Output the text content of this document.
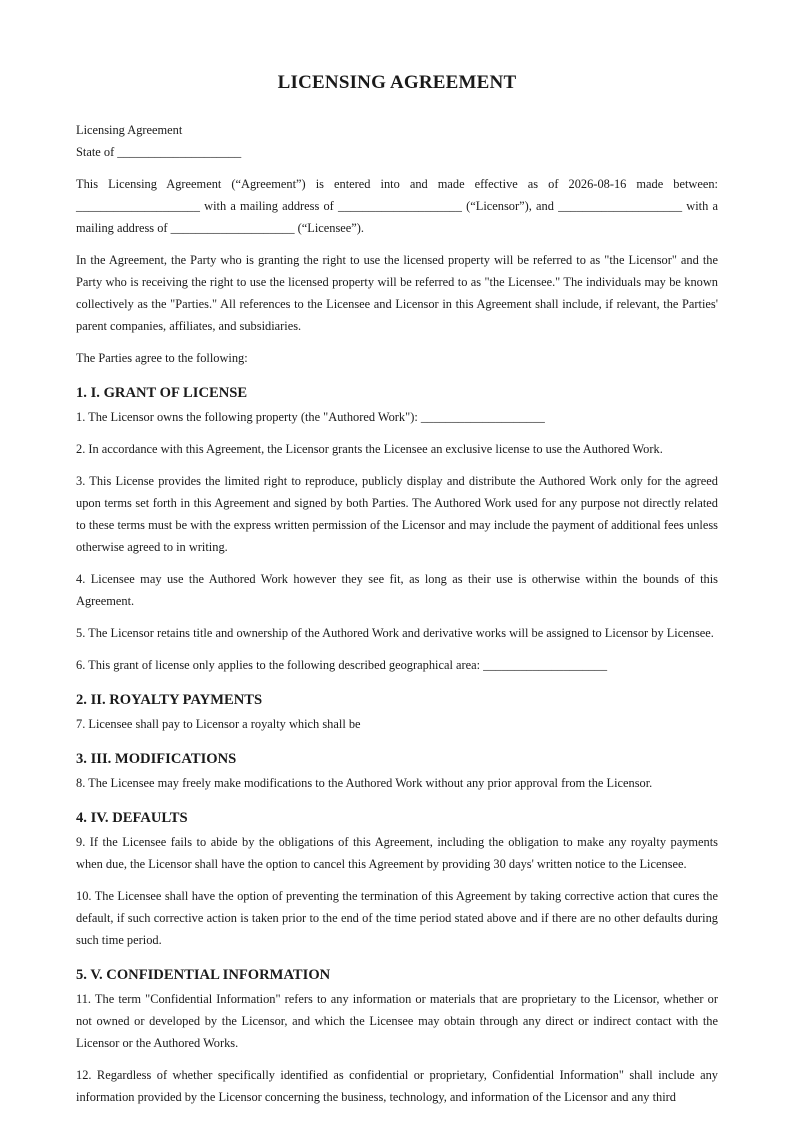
LICENSING AGREEMENT

Licensing Agreement

State of ____________________

This Licensing Agreement (“Agreement”) is entered into and made effective as of 2026-08-16 made between: ____________________ with a mailing address of ____________________ (“Licensor”), and ____________________ with a mailing address of ____________________ (“Licensee”).

In the Agreement, the Party who is granting the right to use the licensed property will be referred to as "the Licensor" and the Party who is receiving the right to use the licensed property will be referred to as "the Licensee." The individuals may be known collectively as the "Parties." All references to the Licensee and Licensor in this Agreement shall include, if relevant, the Parties' parent companies, affiliates, and subsidiaries.

The Parties agree to the following:

1. I. GRANT OF LICENSE

1. The Licensor owns the following property (the "Authored Work"): ____________________

2. In accordance with this Agreement, the Licensor grants the Licensee an exclusive license to use the Authored Work.

3. This License provides the limited right to reproduce, publicly display and distribute the Authored Work only for the agreed upon terms set forth in this Agreement and signed by both Parties. The Authored Work used for any purpose not directly related to these terms must be with the express written permission of the Licensor and may include the payment of additional fees unless otherwise agreed to in writing.

4. Licensee may use the Authored Work however they see fit, as long as their use is otherwise within the bounds of this Agreement.

5. The Licensor retains title and ownership of the Authored Work and derivative works will be assigned to Licensor by Licensee.

6. This grant of license only applies to the following described geographical area: ____________________

2. II. ROYALTY PAYMENTS

7. Licensee shall pay to Licensor a royalty which shall be

3. III. MODIFICATIONS

8. The Licensee may freely make modifications to the Authored Work without any prior approval from the Licensor.

4. IV. DEFAULTS

9. If the Licensee fails to abide by the obligations of this Agreement, including the obligation to make any royalty payments when due, the Licensor shall have the option to cancel this Agreement by providing 30 days' written notice to the Licensee.

10. The Licensee shall have the option of preventing the termination of this Agreement by taking corrective action that cures the default, if such corrective action is taken prior to the end of the time period stated above and if there are no other defaults during such time period.

5. V. CONFIDENTIAL INFORMATION

11. The term "Confidential Information" refers to any information or materials that are proprietary to the Licensor, whether or not owned or developed by the Licensor, and which the Licensee may obtain through any direct or indirect contact with the Licensor or the Authored Works.

12. Regardless of whether specifically identified as confidential or proprietary, Confidential Information" shall include any information provided by the Licensor concerning the business, technology, and information of the Licensor and any third
